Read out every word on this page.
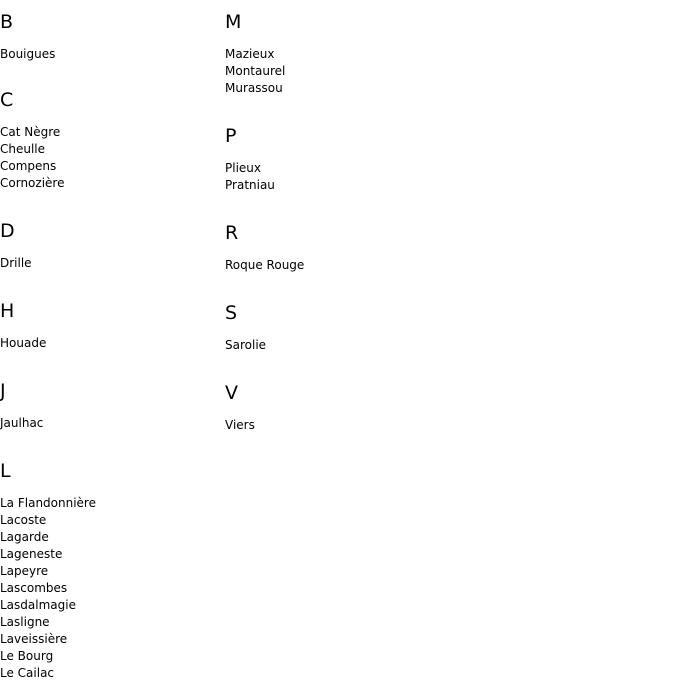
B
Bouigues
C
Cat Nègre
Cheulle
Compens
Cornozière
D
Drille
H
Houade
J
Jaulhac
L
La Flandonnière
Lacoste
Lagarde
Lageneste
Lapeyre
Lascombes
Lasdalmagie
Lasligne
Laveissière
Le Bourg
Le Cailac
M
Mazieux
Montaurel
Murassou
P
Plieux
Pratniau
R
Roque Rouge
S
Sarolie
V
Viers
